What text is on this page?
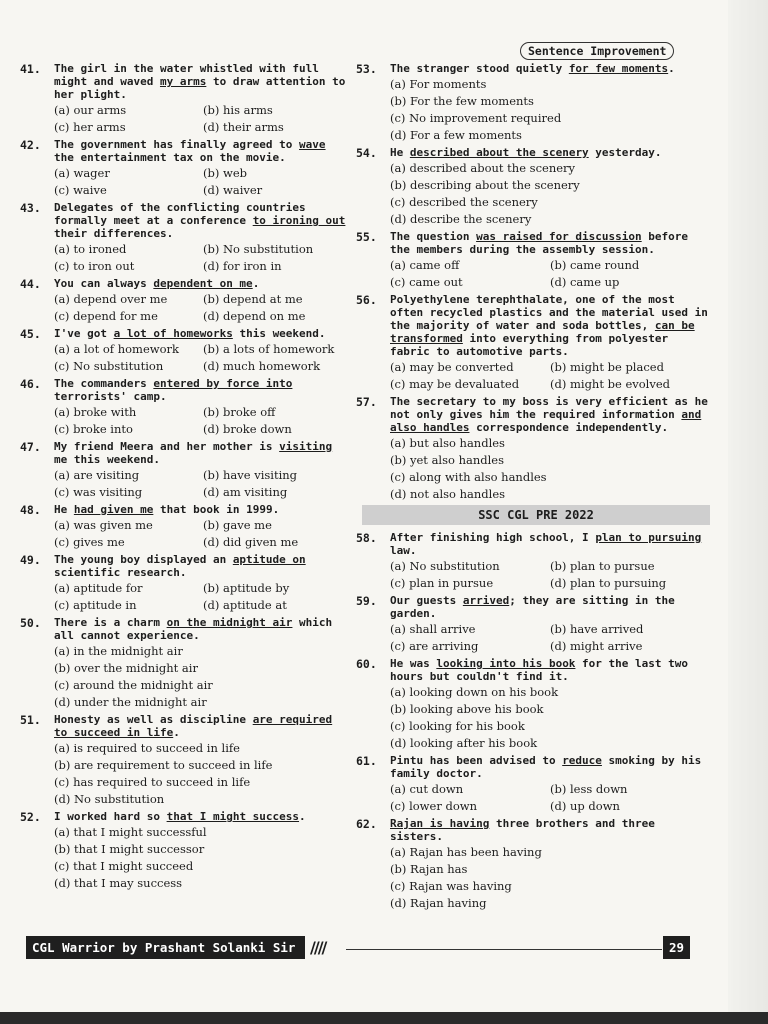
Sentence Improvement
41. The girl in the water whistled with full might and waved my arms to draw attention to her plight.
(a) our arms	(b) his arms
(c) her arms	(d) their arms
42. The government has finally agreed to wave the entertainment tax on the movie.
(a) wager	(b) web
(c) waive	(d) waiver
43. Delegates of the conflicting countries formally meet at a conference to ironing out their differences.
(a) to ironed	(b) No substitution
(c) to iron out	(d) for iron in
44. You can always dependent on me.
(a) depend over me	(b) depend at me
(c) depend for me	(d) depend on me
45. I've got a lot of homeworks this weekend.
(a) a lot of homework	(b) a lots of homework
(c) No substitution	(d) much homework
46. The commanders entered by force into terrorists' camp.
(a) broke with	(b) broke off
(c) broke into	(d) broke down
47. My friend Meera and her mother is visiting me this weekend.
(a) are visiting	(b) have visiting
(c) was visiting	(d) am visiting
48. He had given me that book in 1999.
(a) was given me	(b) gave me
(c) gives me	(d) did given me
49. The young boy displayed an aptitude on scientific research.
(a) aptitude for	(b) aptitude by
(c) aptitude in	(d) aptitude at
50. There is a charm on the midnight air which all cannot experience.
(a) in the midnight air
(b) over the midnight air
(c) around the midnight air
(d) under the midnight air
51. Honesty as well as discipline are required to succeed in life.
(a) is required to succeed in life
(b) are requirement to succeed in life
(c) has required to succeed in life
(d) No substitution
52. I worked hard so that I might success.
(a) that I might successful
(b) that I might successor
(c) that I might succeed
(d) that I may success
53. The stranger stood quietly for few moments.
(a) For moments
(b) For the few moments
(c) No improvement required
(d) For a few moments
54. He described about the scenery yesterday.
(a) described about the scenery
(b) describing about the scenery
(c) described the scenery
(d) describe the scenery
55. The question was raised for discussion before the members during the assembly session.
(a) came off	(b) came round
(c) came out	(d) came up
56. Polyethylene terephthalate, one of the most often recycled plastics and the material used in the majority of water and soda bottles, can be transformed into everything from polyester fabric to automotive parts.
(a) may be converted	(b) might be placed
(c) may be devaluated	(d) might be evolved
57. The secretary to my boss is very efficient as he not only gives him the required information and also handles correspondence independently.
(a) but also handles
(b) yet also handles
(c) along with also handles
(d) not also handles
SSC CGL PRE 2022
58. After finishing high school, I plan to pursuing law.
(a) No substitution	(b) plan to pursue
(c) plan in pursue	(d) plan to pursuing
59. Our guests arrived; they are sitting in the garden.
(a) shall arrive	(b) have arrived
(c) are arriving	(d) might arrive
60. He was looking into his book for the last two hours but couldn't find it.
(a) looking down on his book
(b) looking above his book
(c) looking for his book
(d) looking after his book
61. Pintu has been advised to reduce smoking by his family doctor.
(a) cut down	(b) less down
(c) lower down	(d) up down
62. Rajan is having three brothers and three sisters.
(a) Rajan has been having
(b) Rajan has
(c) Rajan was having
(d) Rajan having
CGL Warrior by Prashant Solanki Sir ////	29
